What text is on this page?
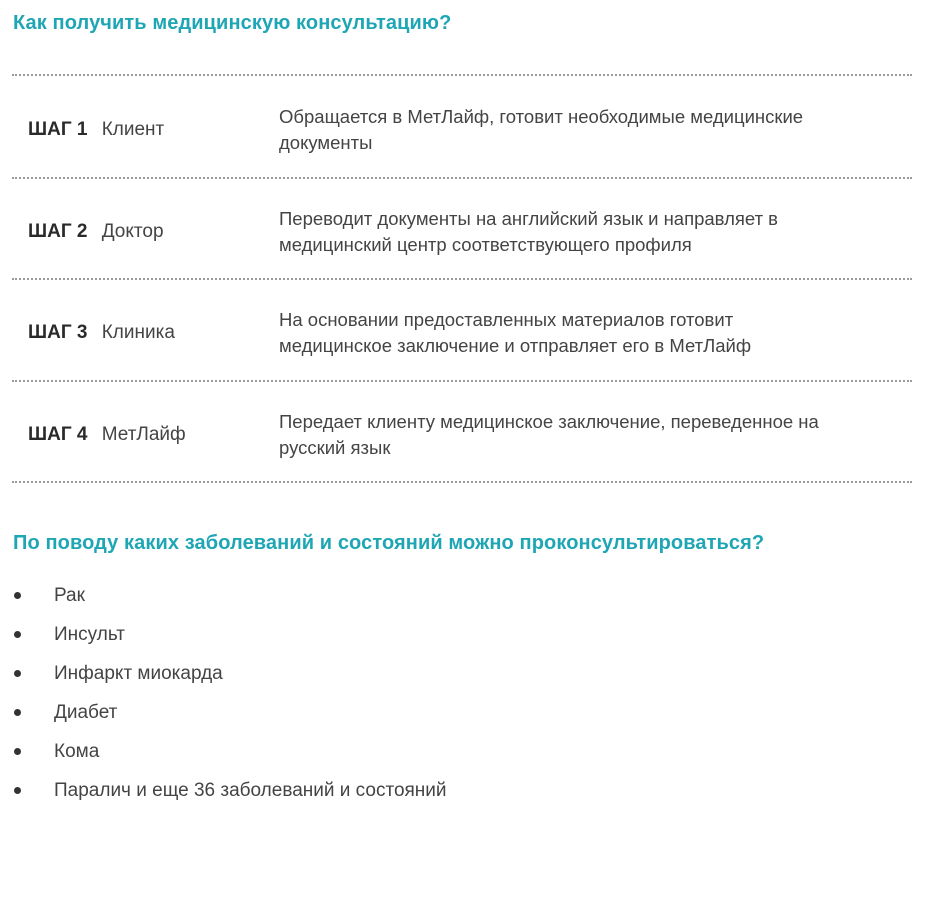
Как получить медицинскую консультацию?
ШАГ 1 Клиент
Обращается в МетЛайф, готовит необходимые медицинские документы
ШАГ 2 Доктор
Переводит документы на английский язык и направляет в медицинский центр соответствующего профиля
ШАГ 3 Клиника
На основании предоставленных материалов готовит медицинское заключение и отправляет его в МетЛайф
ШАГ 4 МетЛайф
Передает клиенту медицинское заключение, переведенное на русский язык
По поводу каких заболеваний и состояний можно проконсультироваться?
Рак
Инсульт
Инфаркт миокарда
Диабет
Кома
Паралич и еще 36 заболеваний и состояний
